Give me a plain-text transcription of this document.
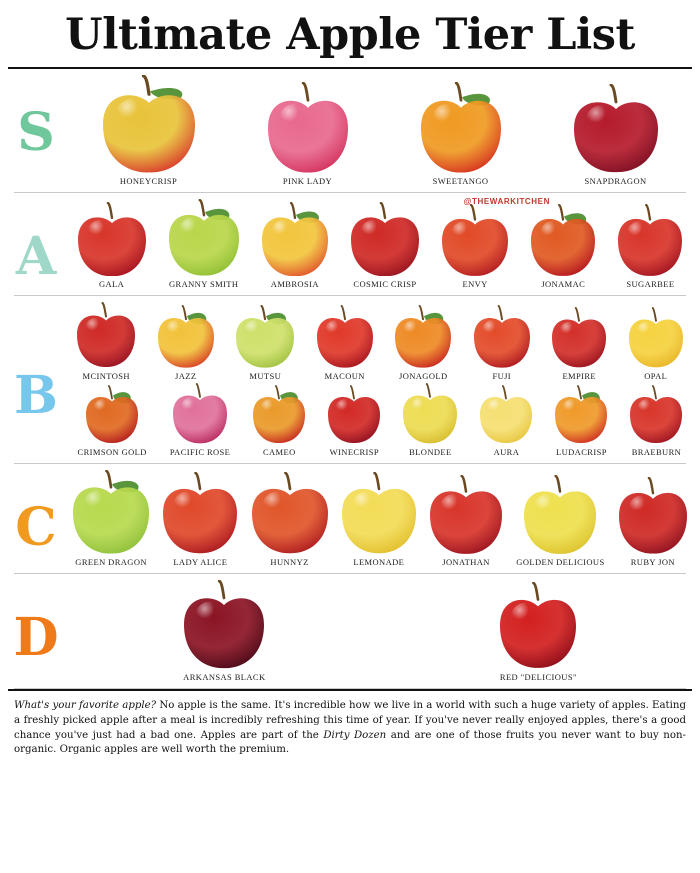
Ultimate Apple Tier List
S
HONEYCRISP	PINK LADY	SWEETANGO	SNAPDRAGON
A	GALA	GRANNY SMITH	AMBROSIA	COSMIC CRISP	ENVY	JONAMAC	SUGARBEE
@THEWARKITCHEN
B	MCINTOSH	JAZZ	MUTSU	MACOUN	JONAGOLD	FUJI	EMPIRE	OPAL
CRIMSON GOLD	PACIFIC ROSE	CAMEO	WINECRISP	BLONDEE	AURA	LUDACRISP	BRAEBURN
C
GREEN DRAGON	LADY ALICE	HUNNYZ	LEMONADE	JONATHAN	GOLDEN DELICIOUS	RUBY JON
D
ARKANSAS BLACK	RED "DELICIOUS"
What's your favorite apple? No apple is the same. It's incredible how we live in a world with such a huge variety of apples. Eating a freshly picked apple after a meal is incredibly refreshing this time of year. If you've never really enjoyed apples, there's a good chance you've just had a bad one. Apples are part of the Dirty Dozen and are one of those fruits you never want to buy non-organic. Organic apples are well worth the premium.
